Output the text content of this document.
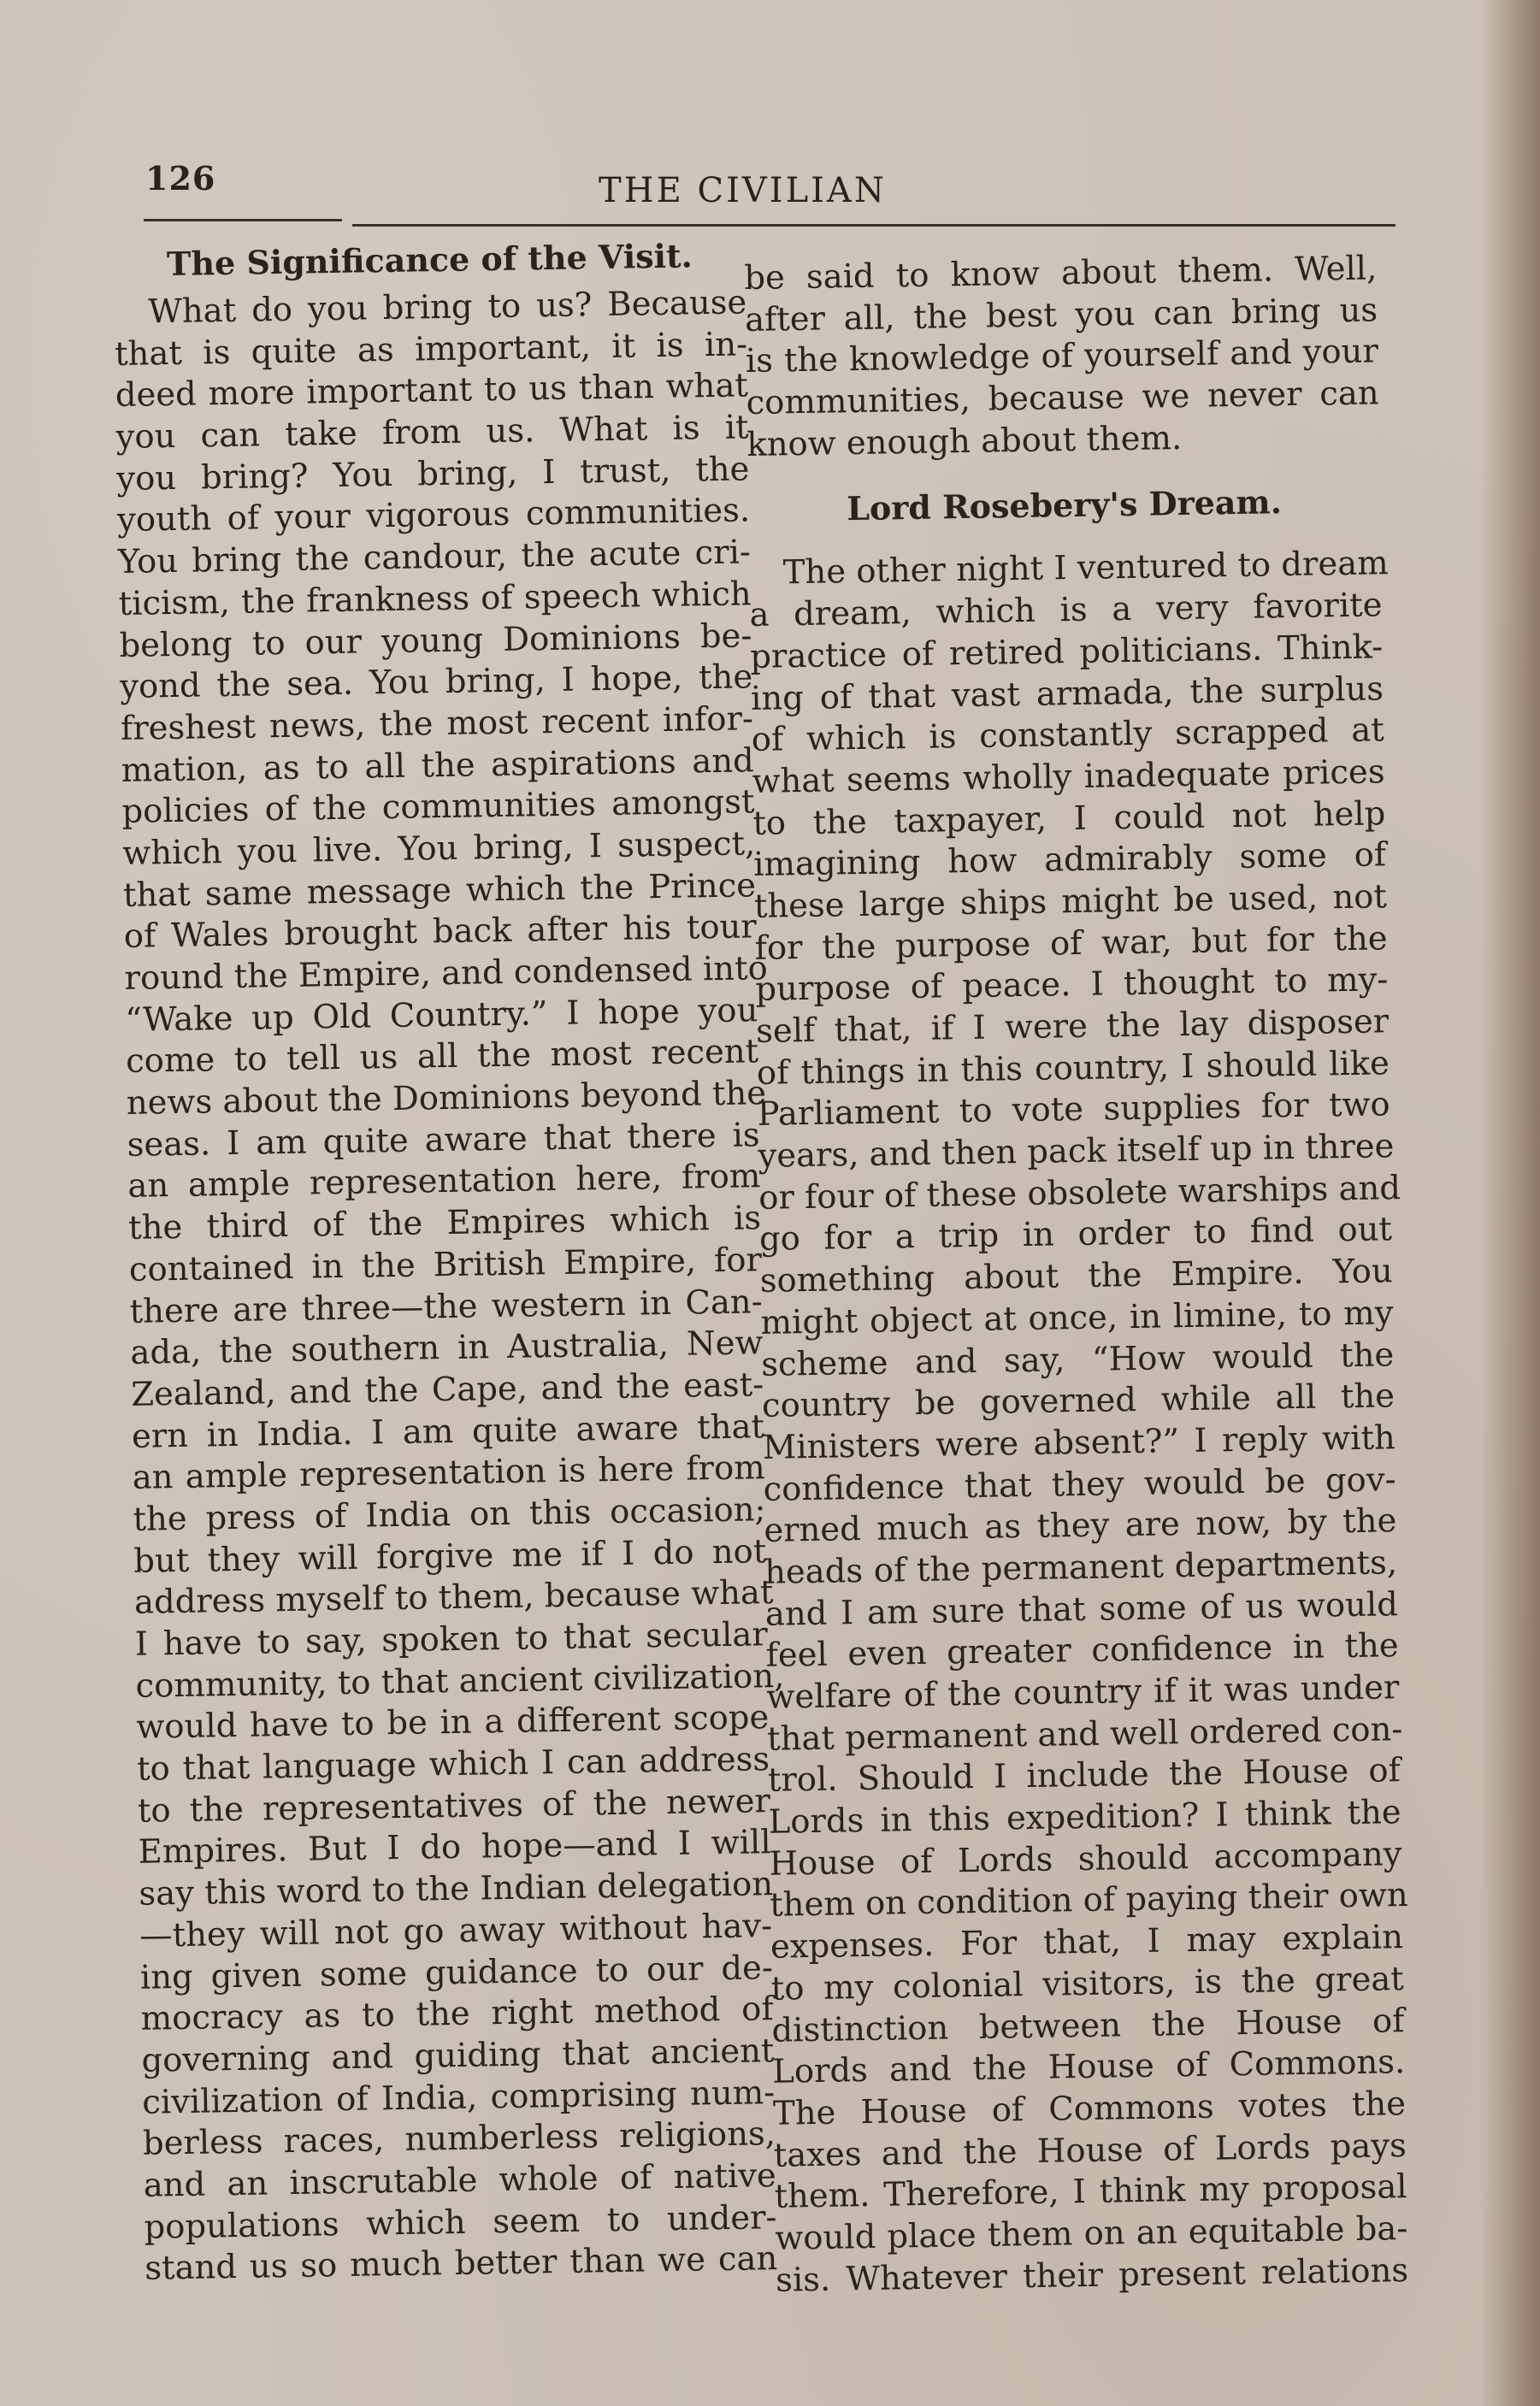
126	THE CIVILIAN
The Significance of the Visit.
What do you bring to us? Because
that is quite as important, it is in-
deed more important to us than what
you can take from us. What is it
you bring? You bring, I trust, the
youth of your vigorous communities.
You bring the candour, the acute cri-
ticism, the frankness of speech which
belong to our young Dominions be-
yond the sea. You bring, I hope, the
freshest news, the most recent infor-
mation, as to all the aspirations and
policies of the communities amongst
which you live. You bring, I suspect,
that same message which the Prince
of Wales brought back after his tour
round the Empire, and condensed into
“Wake up Old Country.” I hope you
come to tell us all the most recent
news about the Dominions beyond the
seas. I am quite aware that there is
an ample representation here, from
the third of the Empires which is
contained in the British Empire, for
there are three—the western in Can-
ada, the southern in Australia, New
Zealand, and the Cape, and the east-
ern in India. I am quite aware that
an ample representation is here from
the press of India on this occasion;
but they will forgive me if I do not
address myself to them, because what
I have to say, spoken to that secular
community, to that ancient civilization,
would have to be in a different scope
to that language which I can address
to the representatives of the newer
Empires. But I do hope—and I will
say this word to the Indian delegation
—they will not go away without hav-
ing given some guidance to our de-
mocracy as to the right method of
governing and guiding that ancient
civilization of India, comprising num-
berless races, numberless religions,
and an inscrutable whole of native
populations which seem to under-
stand us so much better than we can
be said to know about them. Well,
after all, the best you can bring us
is the knowledge of yourself and your
communities, because we never can
know enough about them.
Lord Rosebery's Dream.
The other night I ventured to dream
a dream, which is a very favorite
practice of retired politicians. Think-
ing of that vast armada, the surplus
of which is constantly scrapped at
what seems wholly inadequate prices
to the taxpayer, I could not help
imagining how admirably some of
these large ships might be used, not
for the purpose of war, but for the
purpose of peace. I thought to my-
self that, if I were the lay disposer
of things in this country, I should like
Parliament to vote supplies for two
years, and then pack itself up in three
or four of these obsolete warships and
go for a trip in order to find out
something about the Empire. You
might object at once, in limine, to my
scheme and say, “How would the
country be governed while all the
Ministers were absent?” I reply with
confidence that they would be gov-
erned much as they are now, by the
heads of the permanent departments,
and I am sure that some of us would
feel even greater confidence in the
welfare of the country if it was under
that permanent and well ordered con-
trol. Should I include the House of
Lords in this expedition? I think the
House of Lords should accompany
them on condition of paying their own
expenses. For that, I may explain
to my colonial visitors, is the great
distinction between the House of
Lords and the House of Commons.
The House of Commons votes the
taxes and the House of Lords pays
them. Therefore, I think my proposal
would place them on an equitable ba-
sis. Whatever their present relations
